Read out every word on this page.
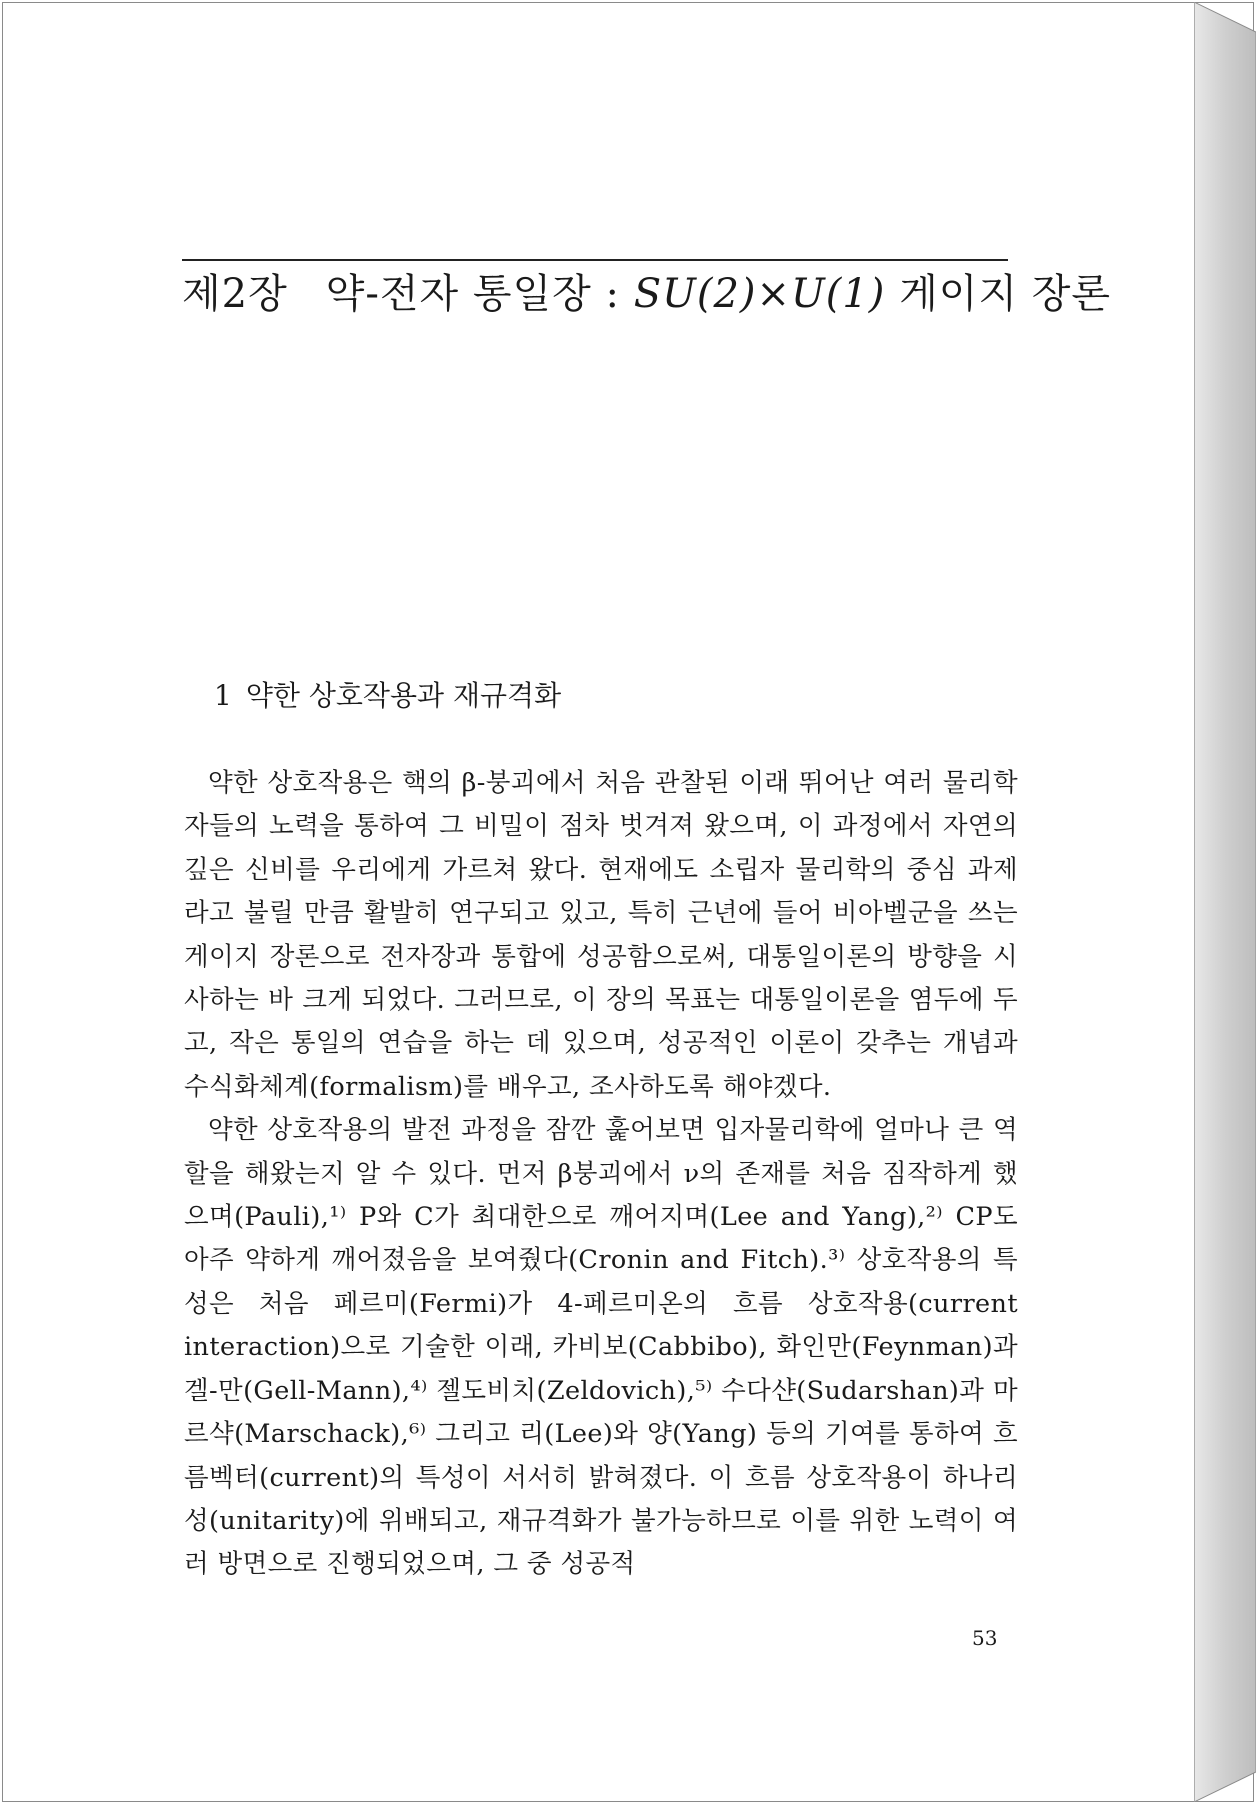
제2장 약-전자 통일장 : SU(2)×U(1) 게이지 장론
1 약한 상호작용과 재규격화

약한 상호작용은 핵의 β-붕괴에서 처음 관찰된 이래 뛰어난 여러 물리학자들의 노력을 통하여 그 비밀이 점차 벗겨져 왔으며, 이 과정에서 자연의 깊은 신비를 우리에게 가르쳐 왔다. 현재에도 소립자 물리학의 중심 과제라고 불릴 만큼 활발히 연구되고 있고, 특히 근년에 들어 비아벨군을 쓰는 게이지 장론으로 전자장과 통합에 성공함으로써, 대통일이론의 방향을 시사하는 바 크게 되었다. 그러므로, 이 장의 목표는 대통일이론을 염두에 두고, 작은 통일의 연습을 하는 데 있으며, 성공적인 이론이 갖추는 개념과 수식화체계(formalism)를 배우고, 조사하도록 해야겠다.

약한 상호작용의 발전 과정을 잠깐 훑어보면 입자물리학에 얼마나 큰 역할을 해왔는지 알 수 있다. 먼저 β붕괴에서 ν의 존재를 처음 짐작하게 했으며(Pauli),¹⁾ P와 C가 최대한으로 깨어지며(Lee and Yang),²⁾ CP도 아주 약하게 깨어졌음을 보여줬다(Cronin and Fitch).³⁾ 상호작용의 특성은 처음 페르미(Fermi)가 4-페르미온의 흐름 상호작용(current interaction)으로 기술한 이래, 카비보(Cabbibo), 화인만(Feynman)과 겔-만(Gell-Mann),⁴⁾ 젤도비치(Zeldovich),⁵⁾ 수다샨(Sudarshan)과 마르샥(Marschack),⁶⁾ 그리고 리(Lee)와 양(Yang) 등의 기여를 통하여 흐름벡터(current)의 특성이 서서히 밝혀졌다. 이 흐름 상호작용이 하나리성(unitarity)에 위배되고, 재규격화가 불가능하므로 이를 위한 노력이 여러 방면으로 진행되었으며, 그 중 성공적

53
